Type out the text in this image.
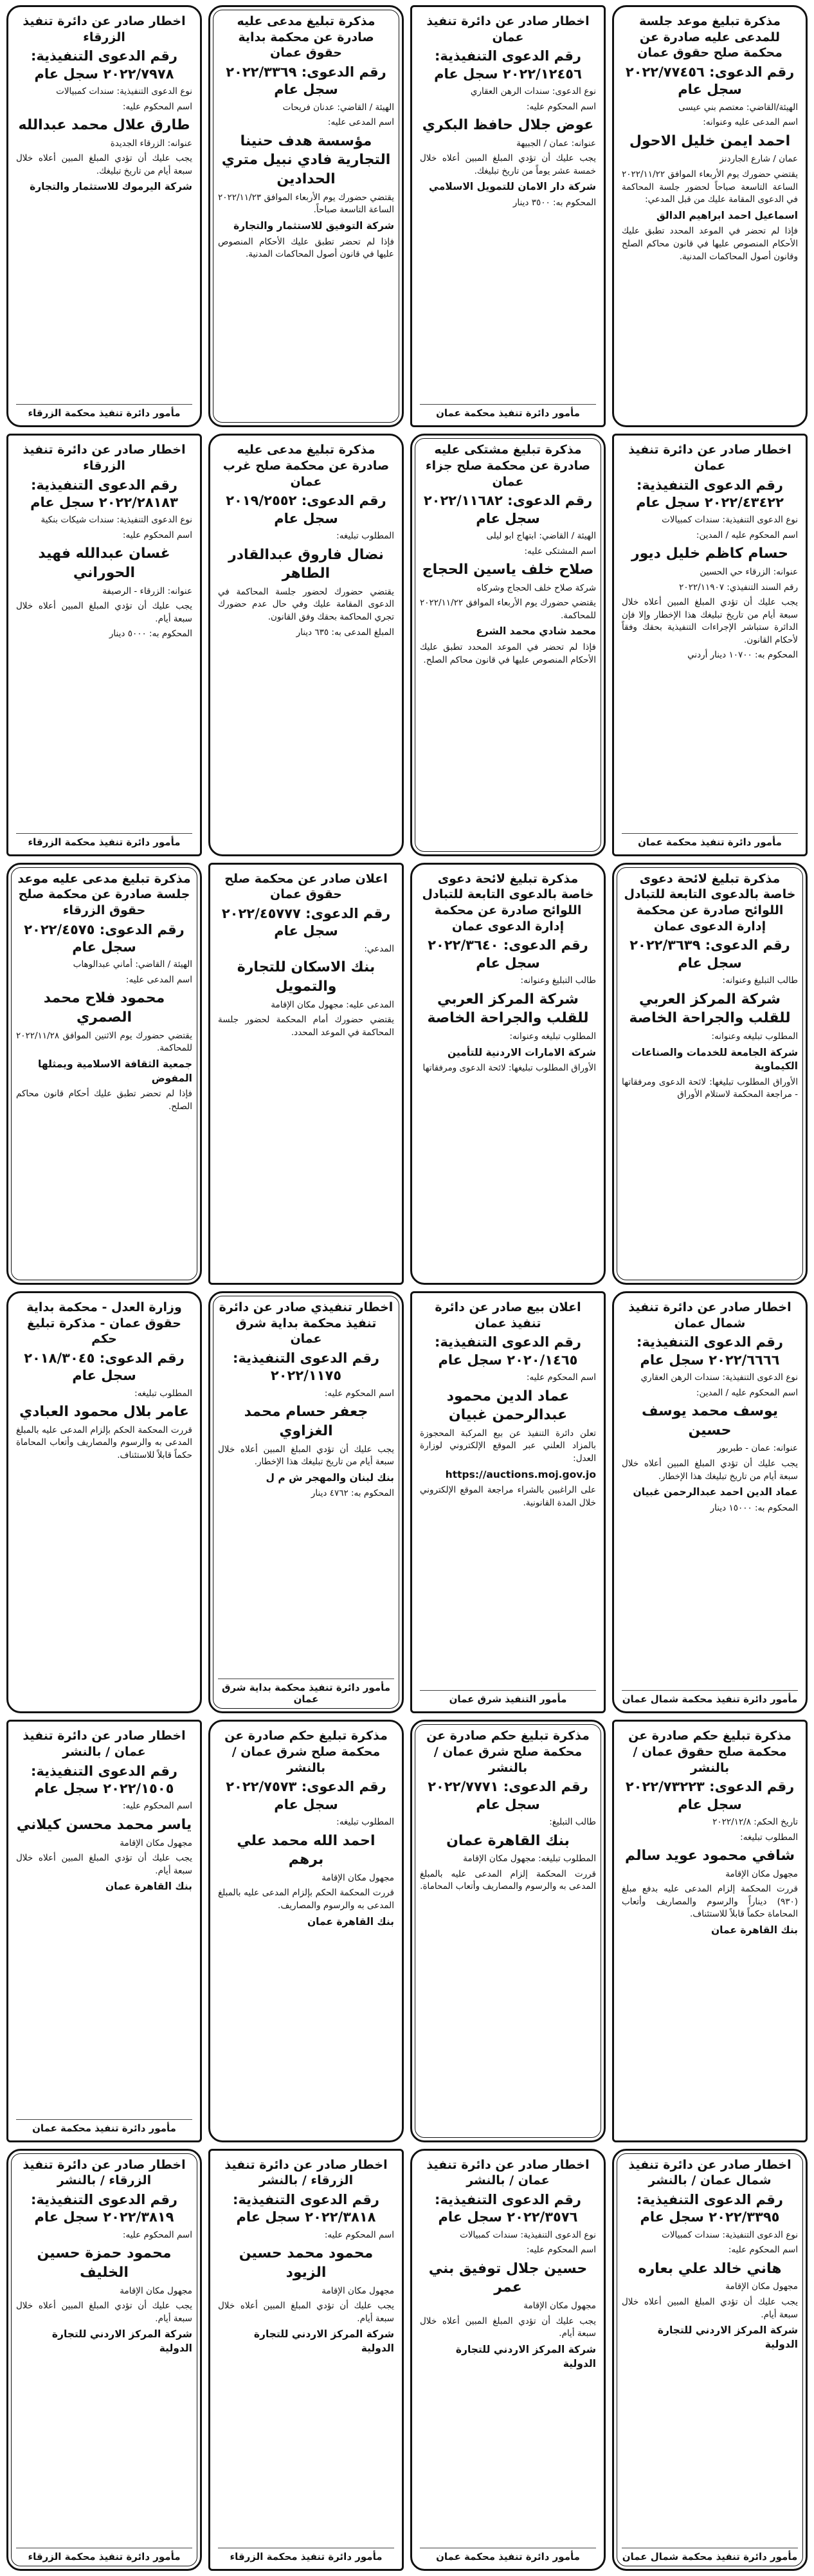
مذكرة تبليغ موعد جلسة للمدعى عليه صادرة عن محكمة صلح حقوق عمان
رقم الدعوى: ٢٠٢٢/٧٧٤٥٦ سجل عام
الهيئة/القاضي: معتصم بني عيسى
اسم المدعى عليه وعنوانه:
احمد ايمن خليل الاحول
عمان / شارع الجاردنز
يقتضي حضورك يوم الأربعاء الموافق ٢٠٢٢/١١/٢٢ الساعة التاسعة صباحاً لحضور جلسة المحاكمة في الدعوى المقامة عليك من قبل المدعي:
اسماعيل احمد ابراهيم الدالق
فإذا لم تحضر في الموعد المحدد تطبق عليك الأحكام المنصوص عليها في قانون محاكم الصلح وقانون أصول المحاكمات المدنية.
اخطار صادر عن دائرة تنفيذ عمان
رقم الدعوى التنفيذية: ٢٠٢٢/١٢٤٥٦ سجل عام
نوع الدعوى: سندات الرهن العقاري
اسم المحكوم عليه:
عوض جلال حافظ البكري
عنوانه: عمان / الجبيهة
يجب عليك أن تؤدي المبلغ المبين أعلاه خلال خمسة عشر يوماً من تاريخ تبليغك.
شركة دار الامان للتمويل الاسلامي
المحكوم به: ٣٥٠٠ دينار
مأمور دائرة تنفيذ محكمة عمان
مذكرة تبليغ مدعى عليه صادرة عن محكمة بداية حقوق عمان
رقم الدعوى: ٢٠٢٢/٣٣٦٩ سجل عام
الهيئة / القاضي: عدنان فريحات
اسم المدعى عليه:
مؤسسة هدف حنينا التجارية فادي نبيل متري الحدادين
يقتضي حضورك يوم الأربعاء الموافق ٢٠٢٢/١١/٢٣ الساعة التاسعة صباحاً.
شركة التوفيق للاستثمار والتجارة
فإذا لم تحضر تطبق عليك الأحكام المنصوص عليها في قانون أصول المحاكمات المدنية.
اخطار صادر عن دائرة تنفيذ الزرقاء
رقم الدعوى التنفيذية: ٢٠٢٢/٧٩٧٨ سجل عام
نوع الدعوى التنفيذية: سندات كمبيالات
اسم المحكوم عليه:
طارق علال محمد عبدالله
عنوانه: الزرقاء الجديدة
يجب عليك أن تؤدي المبلغ المبين أعلاه خلال سبعة أيام من تاريخ تبليغك.
شركة اليرموك للاستثمار والتجارة
مأمور دائرة تنفيذ محكمة الزرقاء
اخطار صادر عن دائرة تنفيذ عمان
رقم الدعوى التنفيذية: ٢٠٢٢/٤٣٤٢٢ سجل عام
نوع الدعوى التنفيذية: سندات كمبيالات
اسم المحكوم عليه / المدين:
حسام كاظم خليل ديور
عنوانه: الزرقاء حي الحسين
رقم السند التنفيذي: ٢٠٢٢/١١٩٠٧
يجب عليك أن تؤدي المبلغ المبين أعلاه خلال سبعة أيام من تاريخ تبليغك هذا الإخطار وإلا فإن الدائرة ستباشر الإجراءات التنفيذية بحقك وفقاً لأحكام القانون.
المحكوم به: ١٠٧٠٠ دينار أردني
مأمور دائرة تنفيذ محكمة عمان
مذكرة تبليغ مشتكى عليه صادرة عن محكمة صلح جزاء عمان
رقم الدعوى: ٢٠٢٢/١١٦٨٢ سجل عام
الهيئة / القاضي: ابتهاج ابو ليلى
اسم المشتكى عليه:
صلاح خلف ياسين الحجاج
شركة صلاح خلف الحجاج وشركاه
يقتضي حضورك يوم الأربعاء الموافق ٢٠٢٢/١١/٢٢ للمحاكمة.
محمد شادي محمد الشرع
فإذا لم تحضر في الموعد المحدد تطبق عليك الأحكام المنصوص عليها في قانون محاكم الصلح.
مذكرة تبليغ مدعى عليه صادرة عن محكمة صلح غرب عمان
رقم الدعوى: ٢٠١٩/٢٥٥٢ سجل عام
المطلوب تبليغه:
نضال فاروق عبدالقادر الطاهر
يقتضي حضورك لحضور جلسة المحاكمة في الدعوى المقامة عليك وفي حال عدم حضورك تجري المحاكمة بحقك وفق القانون.
المبلغ المدعى به: ٦٣٥ دينار
اخطار صادر عن دائرة تنفيذ الزرقاء
رقم الدعوى التنفيذية: ٢٠٢٢/٢٨١٨٣ سجل عام
نوع الدعوى التنفيذية: سندات شيكات بنكية
اسم المحكوم عليه:
غسان عبدالله فهيد الحوراني
عنوانه: الزرقاء - الرصيفة
يجب عليك أن تؤدي المبلغ المبين أعلاه خلال سبعة أيام.
المحكوم به: ٥٠٠٠ دينار
مأمور دائرة تنفيذ محكمة الزرقاء
مذكرة تبليغ لائحة دعوى خاصة بالدعوى التابعة للتبادل اللوائح صادرة عن محكمة إدارة الدعوى عمان
رقم الدعوى: ٢٠٢٢/٣٦٣٩ سجل عام
طالب التبليغ وعنوانه:
شركة المركز العربي للقلب والجراحة الخاصة
المطلوب تبليغه وعنوانه:
شركة الجامعة للخدمات والصناعات الكيماوية
الأوراق المطلوب تبليغها: لائحة الدعوى ومرفقاتها - مراجعة المحكمة لاستلام الأوراق
مذكرة تبليغ لائحة دعوى خاصة بالدعوى التابعة للتبادل اللوائح صادرة عن محكمة إدارة الدعوى عمان
رقم الدعوى: ٢٠٢٢/٣٦٤٠ سجل عام
طالب التبليغ وعنوانه:
شركة المركز العربي للقلب والجراحة الخاصة
المطلوب تبليغه وعنوانه:
شركة الامارات الاردنية للتأمين
الأوراق المطلوب تبليغها: لائحة الدعوى ومرفقاتها
اعلان صادر عن محكمة صلح حقوق عمان
رقم الدعوى: ٢٠٢٢/٤٥٧٧٧ سجل عام
المدعي:
بنك الاسكان للتجارة والتمويل
المدعى عليه: مجهول مكان الإقامة
يقتضي حضورك أمام المحكمة لحضور جلسة المحاكمة في الموعد المحدد.
مذكرة تبليغ مدعى عليه موعد جلسة صادرة عن محكمة صلح حقوق الزرقاء
رقم الدعوى: ٢٠٢٢/٤٥٧٥ سجل عام
الهيئة / القاضي: أماني عبدالوهاب
اسم المدعى عليه:
محمود فلاح محمد الصمري
يقتضي حضورك يوم الاثنين الموافق ٢٠٢٢/١١/٢٨ للمحاكمة.
جمعية الثقافة الاسلامية ويمثلها المفوض
فإذا لم تحضر تطبق عليك أحكام قانون محاكم الصلح.
اخطار صادر عن دائرة تنفيذ شمال عمان
رقم الدعوى التنفيذية: ٢٠٢٢/٦٦٦٦ سجل عام
نوع الدعوى التنفيذية: سندات الرهن العقاري
اسم المحكوم عليه / المدين:
يوسف محمد يوسف حسين
عنوانه: عمان - طبربور
يجب عليك أن تؤدي المبلغ المبين أعلاه خلال سبعة أيام من تاريخ تبليغك هذا الإخطار.
عماد الدين احمد عبدالرحمن غبيان
المحكوم به: ١٥٠٠٠ دينار
مأمور دائرة تنفيذ محكمة شمال عمان
اعلان بيع صادر عن دائرة تنفيذ عمان
رقم الدعوى التنفيذية: ٢٠٢٠/١٤٦٥ سجل عام
اسم المحكوم عليه:
عماد الدين محمود عبدالرحمن غبيان
تعلن دائرة التنفيذ عن بيع المركبة المحجوزة بالمزاد العلني عبر الموقع الإلكتروني لوزارة العدل:
https://auctions.moj.gov.jo
على الراغبين بالشراء مراجعة الموقع الإلكتروني خلال المدة القانونية.
مأمور التنفيذ شرق عمان
اخطار تنفيذي صادر عن دائرة تنفيذ محكمة بداية شرق عمان
رقم الدعوى التنفيذية: ٢٠٢٢/١١٧٥
اسم المحكوم عليه:
جعفر حسام محمد الغزاوي
يجب عليك أن تؤدي المبلغ المبين أعلاه خلال سبعة أيام من تاريخ تبليغك هذا الإخطار.
بنك لبنان والمهجر ش م ل
المحكوم به: ٤٧٦٢ دينار
مأمور دائرة تنفيذ محكمة بداية شرق عمان
وزارة العدل - محكمة بداية حقوق عمان - مذكرة تبليغ حكم
رقم الدعوى: ٢٠١٨/٣٠٤٥ سجل عام
المطلوب تبليغه:
عامر بلال محمود العبادي
قررت المحكمة الحكم بإلزام المدعى عليه بالمبلغ المدعى به والرسوم والمصاريف وأتعاب المحاماة حكماً قابلاً للاستئناف.
مذكرة تبليغ حكم صادرة عن محكمة صلح حقوق عمان / بالنشر
رقم الدعوى: ٢٠٢٢/٧٣٢٢٣ سجل عام
تاريخ الحكم: ٢٠٢٢/١٢/٨
المطلوب تبليغه:
شافي محمود عويد سالم
مجهول مكان الإقامة
قررت المحكمة إلزام المدعى عليه بدفع مبلغ (٩٣٠) ديناراً والرسوم والمصاريف وأتعاب المحاماة حكماً قابلاً للاستئناف.
بنك القاهرة عمان
مذكرة تبليغ حكم صادرة عن محكمة صلح شرق عمان / بالنشر
رقم الدعوى: ٢٠٢٢/٧٧٧١ سجل عام
طالب التبليغ:
بنك القاهرة عمان
المطلوب تبليغه: مجهول مكان الإقامة
قررت المحكمة إلزام المدعى عليه بالمبلغ المدعى به والرسوم والمصاريف وأتعاب المحاماة.
مذكرة تبليغ حكم صادرة عن محكمة صلح شرق عمان / بالنشر
رقم الدعوى: ٢٠٢٢/٧٥٧٣ سجل عام
المطلوب تبليغه:
احمد الله محمد علي برهم
مجهول مكان الإقامة
قررت المحكمة الحكم بإلزام المدعى عليه بالمبلغ المدعى به والرسوم والمصاريف.
بنك القاهرة عمان
اخطار صادر عن دائرة تنفيذ عمان / بالنشر
رقم الدعوى التنفيذية: ٢٠٢٢/١٥٠٥ سجل عام
اسم المحكوم عليه:
ياسر محمد محسن كيلاني
مجهول مكان الإقامة
يجب عليك أن تؤدي المبلغ المبين أعلاه خلال سبعة أيام.
بنك القاهرة عمان
مأمور دائرة تنفيذ محكمة عمان
اخطار صادر عن دائرة تنفيذ شمال عمان / بالنشر
رقم الدعوى التنفيذية: ٢٠٢٢/٣٣٩٥ سجل عام
نوع الدعوى التنفيذية: سندات كمبيالات
اسم المحكوم عليه:
هاني خالد علي بعاره
مجهول مكان الإقامة
يجب عليك أن تؤدي المبلغ المبين أعلاه خلال سبعة أيام.
شركة المركز الاردني للتجارة الدولية
مأمور دائرة تنفيذ محكمة شمال عمان
اخطار صادر عن دائرة تنفيذ عمان / بالنشر
رقم الدعوى التنفيذية: ٢٠٢٢/٣٥٧٦ سجل عام
نوع الدعوى التنفيذية: سندات كمبيالات
اسم المحكوم عليه:
حسين جلال توفيق بني عمر
مجهول مكان الإقامة
يجب عليك أن تؤدي المبلغ المبين أعلاه خلال سبعة أيام.
شركة المركز الاردني للتجارة الدولية
مأمور دائرة تنفيذ محكمة عمان
اخطار صادر عن دائرة تنفيذ الزرقاء / بالنشر
رقم الدعوى التنفيذية: ٢٠٢٢/٣٨١٨ سجل عام
اسم المحكوم عليه:
محمود محمد حسين الزيود
مجهول مكان الإقامة
يجب عليك أن تؤدي المبلغ المبين أعلاه خلال سبعة أيام.
شركة المركز الاردني للتجارة الدولية
مأمور دائرة تنفيذ محكمة الزرقاء
اخطار صادر عن دائرة تنفيذ الزرقاء / بالنشر
رقم الدعوى التنفيذية: ٢٠٢٢/٣٨١٩ سجل عام
اسم المحكوم عليه:
محمود حمزة حسين الخليف
مجهول مكان الإقامة
يجب عليك أن تؤدي المبلغ المبين أعلاه خلال سبعة أيام.
شركة المركز الاردني للتجارة الدولية
مأمور دائرة تنفيذ محكمة الزرقاء
